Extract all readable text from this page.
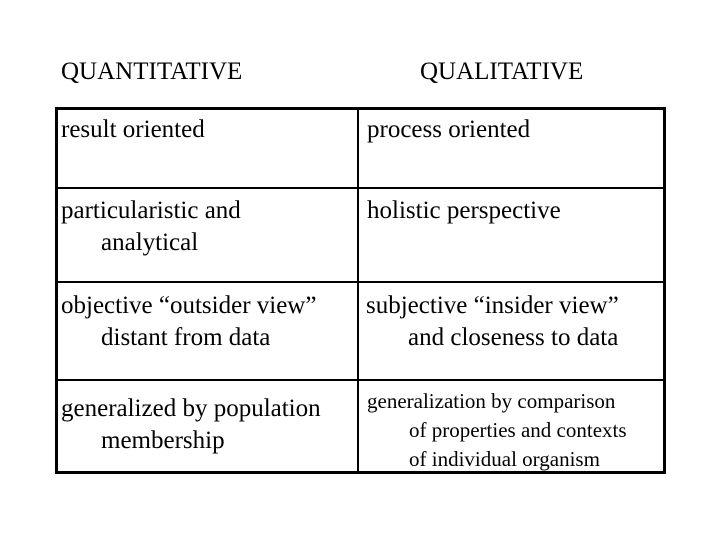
QUANTITATIVE	QUALITATIVE
result oriented	process oriented
particularistic and
analytical
holistic perspective
objective “outsider view”
distant from data
subjective “insider view”
and closeness to data
generalized by population
membership
generalization by comparison
of properties and contexts
of individual organism
